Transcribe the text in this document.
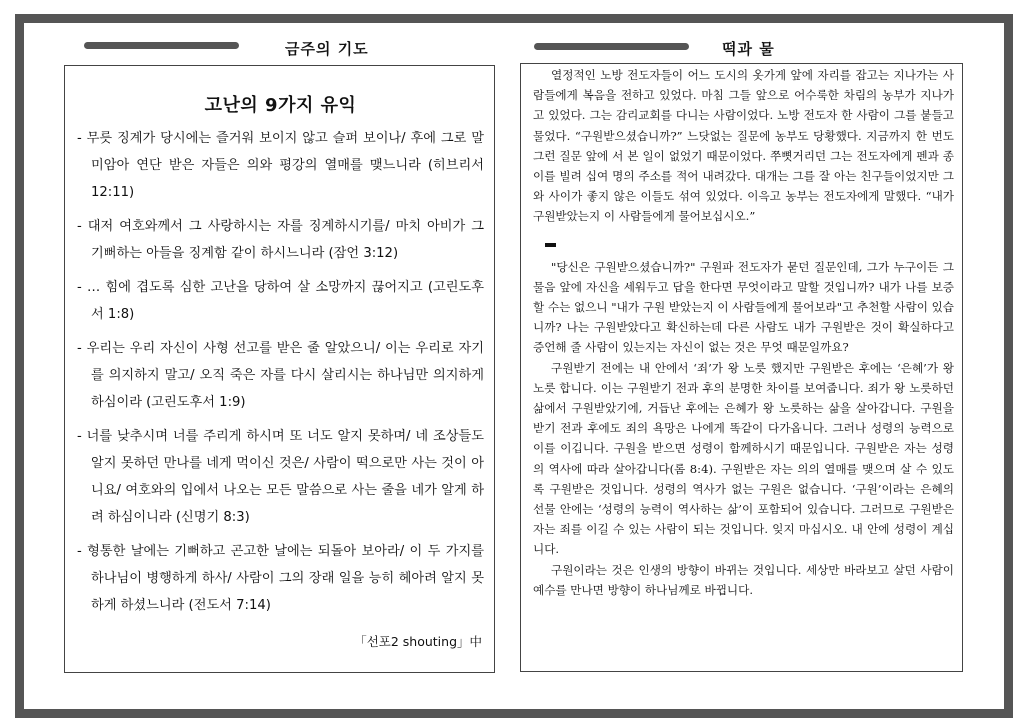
금주의 기도	떡과 물
고난의 9가지 유익

- 무릇 징계가 당시에는 즐거워 보이지 않고 슬퍼 보이나/ 후에 그로 말미암아 연단 받은 자들은 의와 평강의 열매를 맺느니라 (히브리서 12:11)

- 대저 여호와께서 그 사랑하시는 자를 징계하시기를/ 마치 아비가 그 기뻐하는 아들을 징계함 같이 하시느니라 (잠언 3:12)

- … 힘에 겹도록 심한 고난을 당하여 살 소망까지 끊어지고 (고린도후서 1:8)

- 우리는 우리 자신이 사형 선고를 받은 줄 알았으니/ 이는 우리로 자기를 의지하지 말고/ 오직 죽은 자를 다시 살리시는 하나님만 의지하게 하심이라 (고린도후서 1:9)

- 너를 낮추시며 너를 주리게 하시며 또 너도 알지 못하며/ 네 조상들도 알지 못하던 만나를 네게 먹이신 것은/ 사람이 떡으로만 사는 것이 아니요/ 여호와의 입에서 나오는 모든 말씀으로 사는 줄을 네가 알게 하려 하심이니라 (신명기 8:3)

- 형통한 날에는 기뻐하고 곤고한 날에는 되돌아 보아라/ 이 두 가지를 하나님이 병행하게 하사/ 사람이 그의 장래 일을 능히 헤아려 알지 못하게 하셨느니라 (전도서 7:14)

「선포2 shouting」中

열정적인 노방 전도자들이 어느 도시의 옷가게 앞에 자리를 잡고는 지나가는 사람들에게 복음을 전하고 있었다. 마침 그들 앞으로 어수룩한 차림의 농부가 지나가고 있었다. 그는 감리교회를 다니는 사람이었다. 노방 전도자 한 사람이 그를 붙들고 물었다. “구원받으셨습니까?” 느닷없는 질문에 농부도 당황했다. 지금까지 한 번도 그런 질문 앞에 서 본 일이 없었기 때문이었다. 쭈뼛거리던 그는 전도자에게 펜과 종이를 빌려 십여 명의 주소를 적어 내려갔다. 대개는 그를 잘 아는 친구들이었지만 그와 사이가 좋지 않은 이들도 섞여 있었다. 이윽고 농부는 전도자에게 말했다. “내가 구원받았는지 이 사람들에게 물어보십시오.”

"당신은 구원받으셨습니까?" 구원파 전도자가 묻던 질문인데, 그가 누구이든 그 물음 앞에 자신을 세워두고 답을 한다면 무엇이라고 말할 것입니까? 내가 나를 보증할 수는 없으니 "내가 구원 받았는지 이 사람들에게 물어보라"고 추천할 사람이 있습니까? 나는 구원받았다고 확신하는데 다른 사람도 내가 구원받은 것이 확실하다고 증언해 줄 사람이 있는지는 자신이 없는 것은 무엇 때문일까요?

구원받기 전에는 내 안에서 ‘죄’가 왕 노릇 했지만 구원받은 후에는 ‘은혜’가 왕 노릇 합니다. 이는 구원받기 전과 후의 분명한 차이를 보여줍니다. 죄가 왕 노릇하던 삶에서 구원받았기에, 거듭난 후에는 은혜가 왕 노릇하는 삶을 살아갑니다. 구원을 받기 전과 후에도 죄의 욕망은 나에게 똑같이 다가옵니다. 그러나 성령의 능력으로 이를 이깁니다. 구원을 받으면 성령이 함께하시기 때문입니다. 구원받은 자는 성령의 역사에 따라 살아갑니다(롬 8:4). 구원받은 자는 의의 열매를 맺으며 살 수 있도록 구원받은 것입니다. 성령의 역사가 없는 구원은 없습니다. ‘구원’이라는 은혜의 선물 안에는 ‘성령의 능력이 역사하는 삶’이 포함되어 있습니다. 그러므로 구원받은 자는 죄를 이길 수 있는 사람이 되는 것입니다. 잊지 마십시오. 내 안에 성령이 계십니다.

구원이라는 것은 인생의 방향이 바뀌는 것입니다. 세상만 바라보고 살던 사람이 예수를 만나면 방향이 하나님께로 바뀝니다.
